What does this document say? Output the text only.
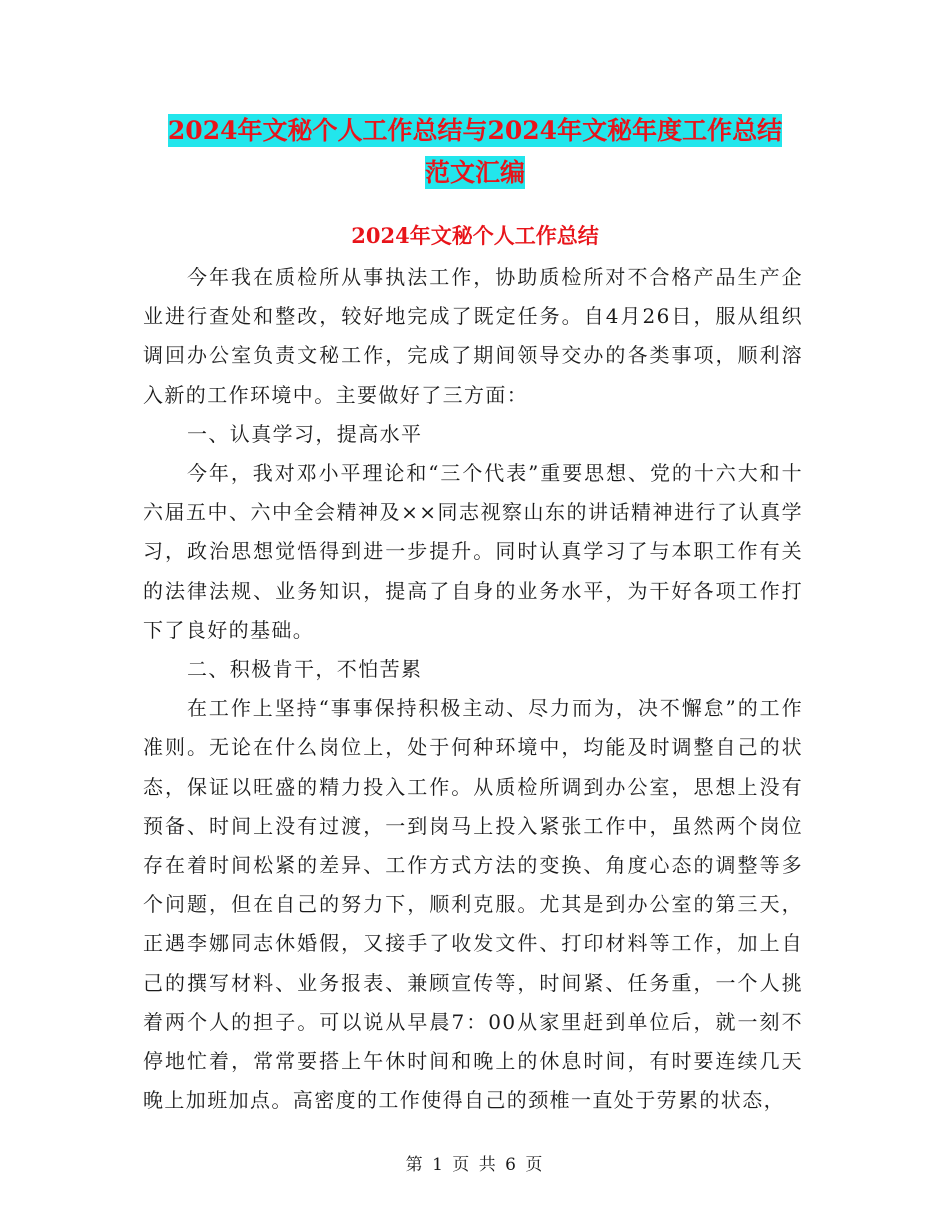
2024年文秘个人工作总结与2024年文秘年度工作总结
范文汇编
2024年文秘个人工作总结

今年我在质检所从事执法工作，协助质检所对不合格产品生产企业进行查处和整改，较好地完成了既定任务。自4月26日，服从组织调回办公室负责文秘工作，完成了期间领导交办的各类事项，顺利溶入新的工作环境中。主要做好了三方面：

一、认真学习，提高水平

今年，我对邓小平理论和“三个代表”重要思想、党的十六大和十六届五中、六中全会精神及××同志视察山东的讲话精神进行了认真学习，政治思想觉悟得到进一步提升。同时认真学习了与本职工作有关的法律法规、业务知识，提高了自身的业务水平，为干好各项工作打下了良好的基础。

二、积极肯干，不怕苦累

在工作上坚持“事事保持积极主动、尽力而为，决不懈怠”的工作准则。无论在什么岗位上，处于何种环境中，均能及时调整自己的状态，保证以旺盛的精力投入工作。从质检所调到办公室，思想上没有预备、时间上没有过渡，一到岗马上投入紧张工作中，虽然两个岗位存在着时间松紧的差异、工作方式方法的变换、角度心态的调整等多个问题，但在自己的努力下，顺利克服。尤其是到办公室的第三天，正遇李娜同志休婚假，又接手了收发文件、打印材料等工作，加上自己的撰写材料、业务报表、兼顾宣传等，时间紧、任务重，一个人挑着两个人的担子。可以说从早晨7：00从家里赶到单位后，就一刻不停地忙着，常常要搭上午休时间和晚上的休息时间，有时要连续几天晚上加班加点。高密度的工作使得自己的颈椎一直处于劳累的状态，

第 1 页 共 6 页
